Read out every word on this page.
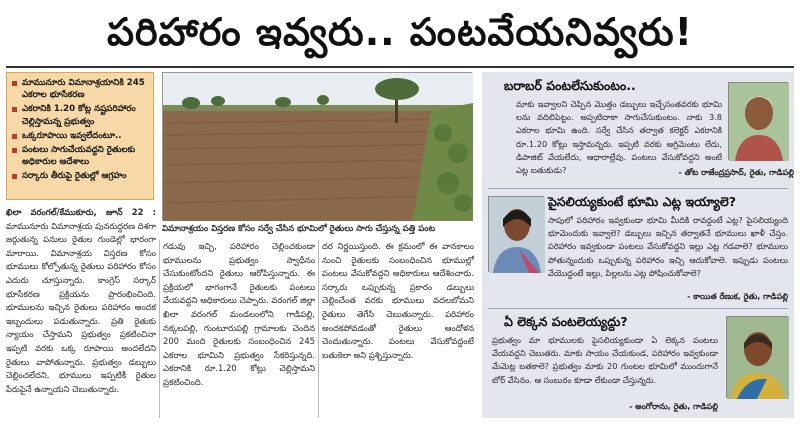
పరిహారం ఇవ్వరు.. పంటవేయనివ్వరు!
మామునూరు విమానాశ్రయానికి 245 ఎకరాల భూసేకరణ
ఎకరానికి 1.20 కోట్ల నష్టపరిహారం చెల్లిస్తామన్న ప్రభుత్వం
ఒక్కరూపాయి ఇవ్వలేదంటూ..
పంటలు సాగుచేయవద్దని రైతులకు అధికారుల ఆదేశాలు
సర్కారు తీరుపై రైతుల్లో ఆగ్రహం
విమానాశ్రయం విస్తరణ కోసం సర్వే చేసిన భూమిలో రైతులు సాగు చేస్తున్న పత్తి పంట

ఖిలా వరంగల్/కేముకూరు, జూన్ 22 : మామునూరు విమానాశ్రయ పునరుద్ధరణ దిశగా జర్గుతున్న పనులు రైతుల గుండెల్లో భారంగా మారాయి. విమానాశ్రయ విస్తరణ కోసం భూములు కోల్పోతున్న రైతులు పరిహారం కోసం ఎదురు చూస్తున్నారు. కాంగ్రెస్ సర్కార్ భూసేకరణ ప్రక్రియను ప్రారంభించింది. భూములను ఇచ్చిన రైతులు పరిహారం అందక ఇబ్బందులు పడుతున్నారు. ప్రతి రైతుకు న్యాయం చేస్తామని ప్రభుత్వం ప్రకటించినా ఇప్పటి వరకు ఒక్క రూపాయి అందలేదని రైతులు వాపోతున్నారు. ప్రభుత్వం డబ్బులు చెల్లించలేదని, భూములు ఇప్పటికీ రైతుల పేరుపైనే ఉన్నాయని చెబుతున్నారు.

గడువు ఇచ్చి, పరిహారం చెల్లించకుండా భూములను ప్రభుత్వం స్వాధీనం చేసుకుంటోందని రైతులు ఆరోపిస్తున్నారు. ఈ ప్రక్రియలో భాగంగానే రైతులకు పంటలు వేయవద్దని అధికారులు చెప్పారు. వరంగల్ జిల్లా ఖిలా వరంగల్ మండలంలోని గాడిపల్లి, నక్కలపల్లి, గుంటూరుపల్లి గ్రామాలకు చెందిన 200 మంది రైతులకు సంబంధించిన 245 ఎకరాల భూమిని ప్రభుత్వం సేకరిస్తున్నది. ఎకరానికి రూ.1.20 కోట్లు చెల్లిస్తామని ప్రకటించింది.

దర నిర్ణయిస్తుంది. ఈ క్రమంలో ఈ వానకాలం నుంచి రైతులకు సంబంధించిన భూముల్లో పంటలు వేసుకోవద్దని అధికారులు ఆదేశించారు. సర్కారు ఒప్పుకున్న ప్రకారం డబ్బులు చెల్లించేంత వరకు భూములు వదలబోమని రైతులు తెగేసి చెబుతున్నారు. పరిహారం అందకపోవడంతో రైతులు ఆందోళన చెందుతున్నారు. పంటలు వేసుకోవద్దంటే బతుకెలా అని ప్రశ్నిస్తున్నారు.

బరాబర్ పంటలేసుకుంటం..
మాకు ఇవ్వాలని చెప్పిన మొత్తం డబ్బులు ఇచ్చేసంతవరకు భూమి లను వదిలిపెట్టం. అప్పటిదాకా సాగుచేసుకుంటం. నాకు 3.8 ఎకరాల భూమి ఉంది. సర్వే చేసిన తర్వాత కలెక్టర్ ఎకరానికి రూ.1.20 కోట్లు ఇస్తామన్నరు. ఇప్పటి వరకు అగ్రిమెంటు లేదు, డిపాజిట్ వేయలేదు, ఆధారాల్లేవు. పంటలు వేసుకోవద్దని అంటే ఎట్ల బతుకుడు?	- తోట రాజేంద్రప్రసాద్, రైతు, గాడిపల్లి
పైసలియ్యకుంటే భూమి ఎట్ల ఇయ్యాలె?
సాపులో పరిహారం ఇవ్వకుండా భూమి మీదికి రావద్దంటే ఎట్ల? పైసలియ్యంది భూమెందుకు ఇవ్వాలె? డబ్బులు ఇచ్చిన తర్వాతనే భూములు ఖాళీ చేస్తం. పరిహారం ఇవ్వకుండా పంటలు వేసుకోవద్దని ఇల్లు ఎట్ల గడవాలె? భూములు పోతున్నందుకు ఒప్పుకున్న పరిహారం ఇచ్చి ఆదుకోవాలె. ఇప్పుడు పంటలు వేయొద్దంటే ఇల్లు, పిల్లలను ఎట్ల పోషించుకోవాలె?
- కాయిత రేణుక, రైతు, గాడిపల్లి
ఏ లెక్కన పంటలెయ్యద్దు?
ప్రభుత్వం మా భూములకు పైసలియ్యకుండా ఏ లెక్కన పంటలు వేయవద్దని చెబుతరు. మాకు సాయం చేయకుండ, పరిహారం ఇవ్వకుండా మేమెట్ల బతకాలె? ప్రభుత్వం మాకు 20 గుంటల భూమిలో ముందుగానే బోర్ వేసినం. ఆ సంబురం కూడా లేకుండా చేస్తున్నరు.
- అంగోరాను, రైతు, గాడిపల్లి
